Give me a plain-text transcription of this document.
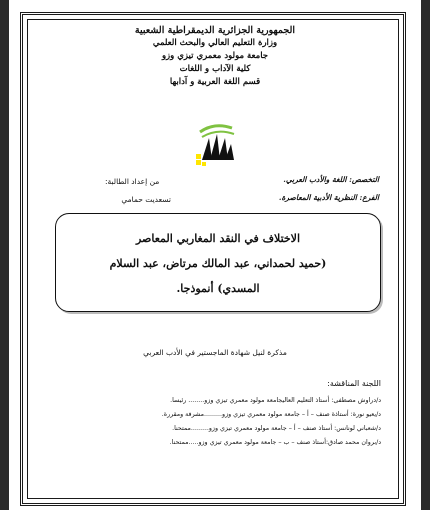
الجمهورية الجزائرية الديمقراطية الشعبية
وزارة التعليم العالي والبحث العلمي
جامعة مولود معمري تيزي وزو
كلية الآداب و اللغات
قسم اللغة العربية و آدابها
التخصص: اللغة والأدب العربي.
الفرع: النظرية الأدبية المعاصرة.
من إعداد الطالبة:
تسعديت حمامي
الاختلاف في النقد المغاربي المعاصر
(حميد لحمداني، عبد المالك مرتاض، عبد السلام
المسدي) أنموذجا.
مذكرة لنيل شهادة الماجستير في الأدب العربي
اللجنة المناقشة:
د/دراوش مصطفى: أستاذ التعليم العاليجامعة مولود معمري تيزي وزو........ رئيسا.
د/يعيو نورة: أستاذة صنف – أ – جامعة مولود معمري تيزي وزو.........مشرفة ومقررة.
د/شعباني لونانس: أستاذ صنف – أ – جامعة مولود معمري تيزي وزو.........ممتحنا.
د/بروان محمد صادق:أستاذ صنف – ب – جامعة مولود معمري تيزي وزو.....ممتحنا.
